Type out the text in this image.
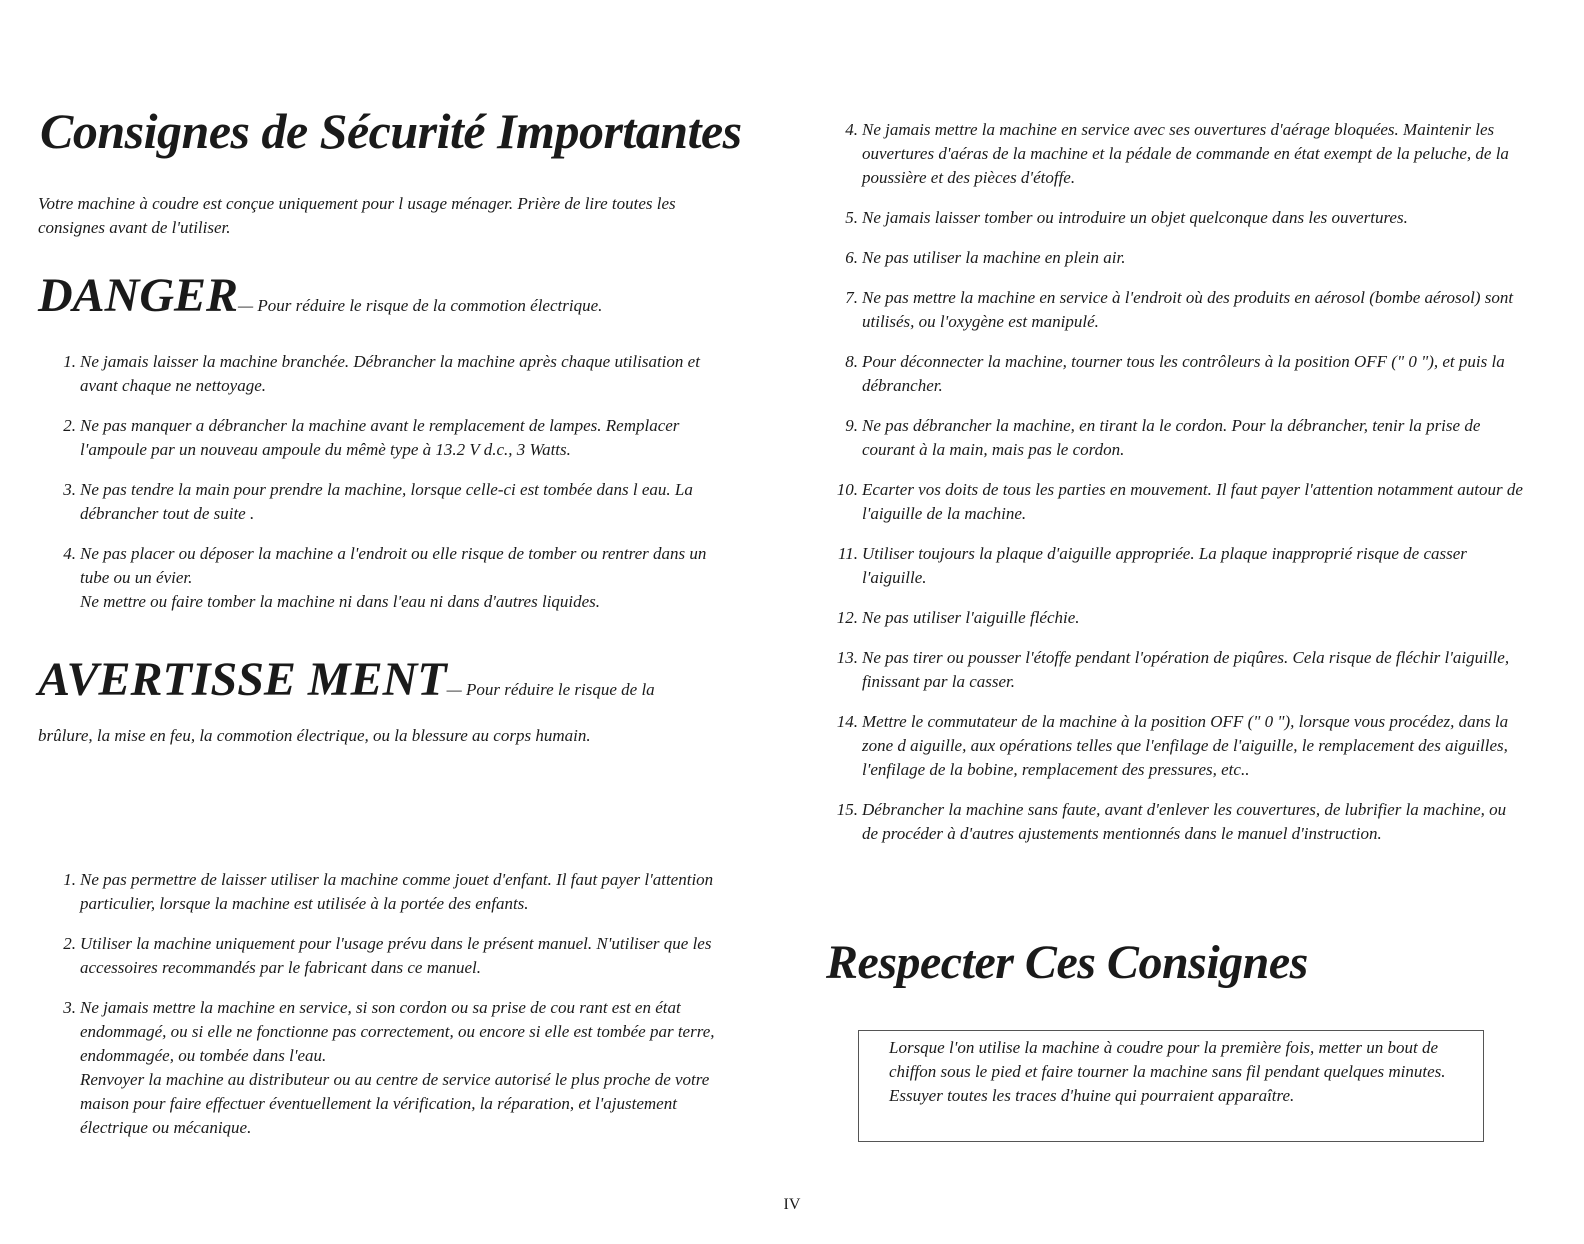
Consignes de Sécurité Importantes

Votre machine à coudre est conçue uniquement pour l usage ménager. Prière de lire toutes les consignes avant de l'utiliser.

DANGER— Pour réduire le risque de la commotion électrique.
1. Ne jamais laisser la machine branchée. Débrancher la machine après chaque utilisation et avant chaque ne nettoyage.
2. Ne pas manquer a débrancher la machine avant le remplacement de lampes. Remplacer l'ampoule par un nouveau ampoule du mêmè type à 13.2 V d.c., 3 Watts.
3. Ne pas tendre la main pour prendre la machine, lorsque celle-ci est tombée dans l eau. La débrancher tout de suite .
4. Ne pas placer ou déposer la machine a l'endroit ou elle risque de tomber ou rentrer dans un tube ou un évier.
Ne mettre ou faire tomber la machine ni dans l'eau ni dans d'autres liquides.
AVERTISSE MENT— Pour réduire le risque de la
brûlure, la mise en feu, la commotion électrique, ou la blessure au corps humain.
1. Ne pas permettre de laisser utiliser la machine comme jouet d'enfant. Il faut payer l'attention particulier, lorsque la machine est utilisée à la portée des enfants.
2. Utiliser la machine uniquement pour l'usage prévu dans le présent manuel. N'utiliser que les accessoires recommandés par le fabricant dans ce manuel.
3. Ne jamais mettre la machine en service, si son cordon ou sa prise de cou rant est en état endommagé, ou si elle ne fonctionne pas correctement, ou encore si elle est tombée par terre, endommagée, ou tombée dans l'eau.
Renvoyer la machine au distributeur ou au centre de service autorisé le plus proche de votre maison pour faire effectuer éventuellement la vérification, la réparation, et l'ajustement électrique ou mécanique.
4. Ne jamais mettre la machine en service avec ses ouvertures d'aérage bloquées. Maintenir les ouvertures d'aéras de la machine et la pédale de commande en état exempt de la peluche, de la poussière et des pièces d'étoffe.
5. Ne jamais laisser tomber ou introduire un objet quelconque dans les ouvertures.
6. Ne pas utiliser la machine en plein air.
7. Ne pas mettre la machine en service à l'endroit où des produits en aérosol (bombe aérosol) sont utilisés, ou l'oxygène est manipulé.
8. Pour déconnecter la machine, tourner tous les contrôleurs à la position OFF (" 0 "), et puis la débrancher.
9. Ne pas débrancher la machine, en tirant la le cordon. Pour la débrancher, tenir la prise de courant à la main, mais pas le cordon.
10. Ecarter vos doits de tous les parties en mouvement. Il faut payer l'attention notamment autour de l'aiguille de la machine.
11. Utiliser toujours la plaque d'aiguille appropriée. La plaque inapproprié risque de casser l'aiguille.
12. Ne pas utiliser l'aiguille fléchie.
13. Ne pas tirer ou pousser l'étoffe pendant l'opération de piqûres. Cela risque de fléchir l'aiguille, finissant par la casser.
14. Mettre le commutateur de la machine à la position OFF (" 0 "), lorsque vous procédez, dans la zone d aiguille, aux opérations telles que l'enfilage de l'aiguille, le remplacement des aiguilles, l'enfilage de la bobine, remplacement des pressures, etc..
15. Débrancher la machine sans faute, avant d'enlever les couvertures, de lubrifier la machine, ou de procéder à d'autres ajustements mentionnés dans le manuel d'instruction.
Respecter Ces Consignes
Lorsque l'on utilise la machine à coudre pour la première fois, metter un bout de chiffon sous le pied et faire tourner la machine sans fil pendant quelques minutes. Essuyer toutes les traces d'huine qui pourraient apparaître.
IV
